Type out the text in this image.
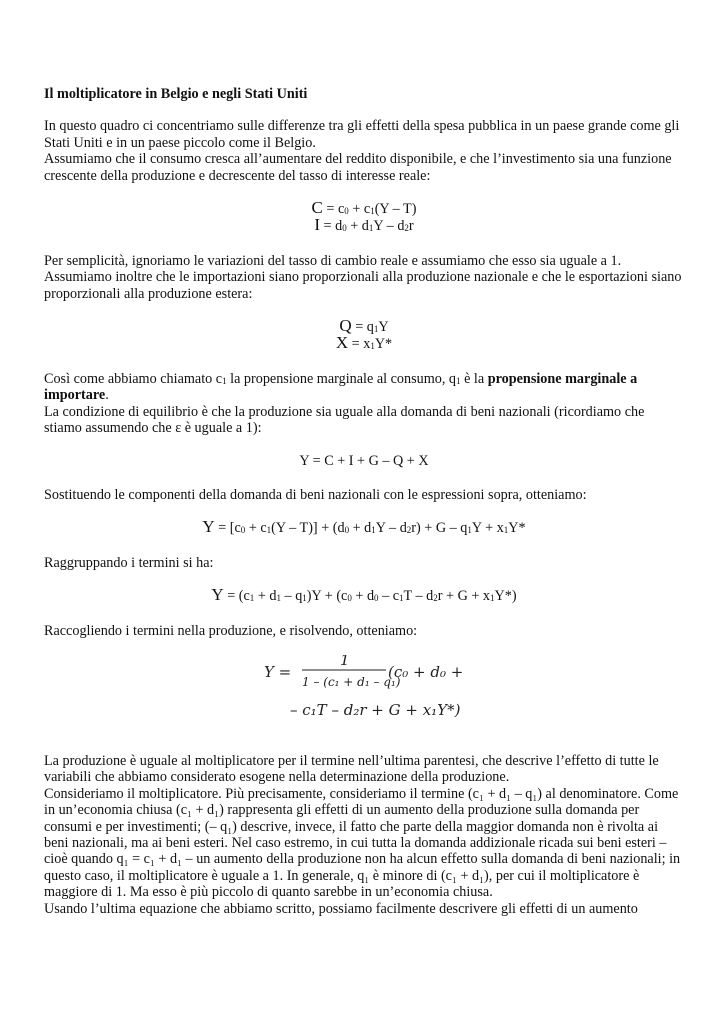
Il moltiplicatore in Belgio e negli Stati Uniti

In questo quadro ci concentriamo sulle differenze tra gli effetti della spesa pubblica in un paese grande come gli Stati Uniti e in un paese piccolo come il Belgio.

Assumiamo che il consumo cresca all’aumentare del reddito disponibile, e che l’investimento sia una funzione crescente della produzione e decrescente del tasso di interesse reale:

$C = c_0 + c_1(Y - T)$
$I = d_0 + d_1Y - d_2r$

Per semplicità, ignoriamo le variazioni del tasso di cambio reale e assumiamo che esso sia uguale a 1. Assumiamo inoltre che le importazioni siano proporzionali alla produzione nazionale e che le esportazioni siano proporzionali alla produzione estera:

$Q = q_1Y$
$X = x_1Y*$

Così come abbiamo chiamato $c_1$ la propensione marginale al consumo, $q_1$ è la propensione marginale a importare.

La condizione di equilibrio è che la produzione sia uguale alla domanda di beni nazionali (ricordiamo che stiamo assumendo che ε è uguale a 1):

Y = C + I + G – Q + X

Sostituendo le componenti della domanda di beni nazionali con le espressioni sopra, otteniamo:

$Y = [c_0 + c_1(Y - T)] + (d_0 + d_1Y - d_2r) + G - q_1Y + x_1Y*$

Raggruppando i termini si ha:

$Y = (c_1 + d_1 - q_1)Y + (c_0 + d_0 - c_1T - d_2r + G + x_1Y*)$

Raccogliendo i termini nella produzione, e risolvendo, otteniamo:

Y =
1
1 – (c₁ + d₁ – q₁)
(c₀ + d₀ +
– c₁T – d₂r + G + x₁Y*)

La produzione è uguale al moltiplicatore per il termine nell’ultima parentesi, che descrive l’effetto di tutte le variabili che abbiamo considerato esogene nella determinazione della produzione.

Consideriamo il moltiplicatore. Più precisamente, consideriamo il termine (c₁ + d₁ – q₁) al denominatore. Come in un’economia chiusa (c₁ + d₁) rappresenta gli effetti di un aumento della produzione sulla domanda per consumi e per investimenti; (– q₁) descrive, invece, il fatto che parte della maggior domanda non è rivolta ai beni nazionali, ma ai beni esteri. Nel caso estremo, in cui tutta la domanda addizionale ricada sui beni esteri – cioè quando q₁ = c₁ + d₁ – un aumento della produzione non ha alcun effetto sulla domanda di beni nazionali; in questo caso, il moltiplicatore è uguale a 1. In generale, q₁ è minore di (c₁ + d₁), per cui il moltiplicatore è maggiore di 1. Ma esso è più piccolo di quanto sarebbe in un’economia chiusa.

Usando l’ultima equazione che abbiamo scritto, possiamo facilmente descrivere gli effetti di un aumento
